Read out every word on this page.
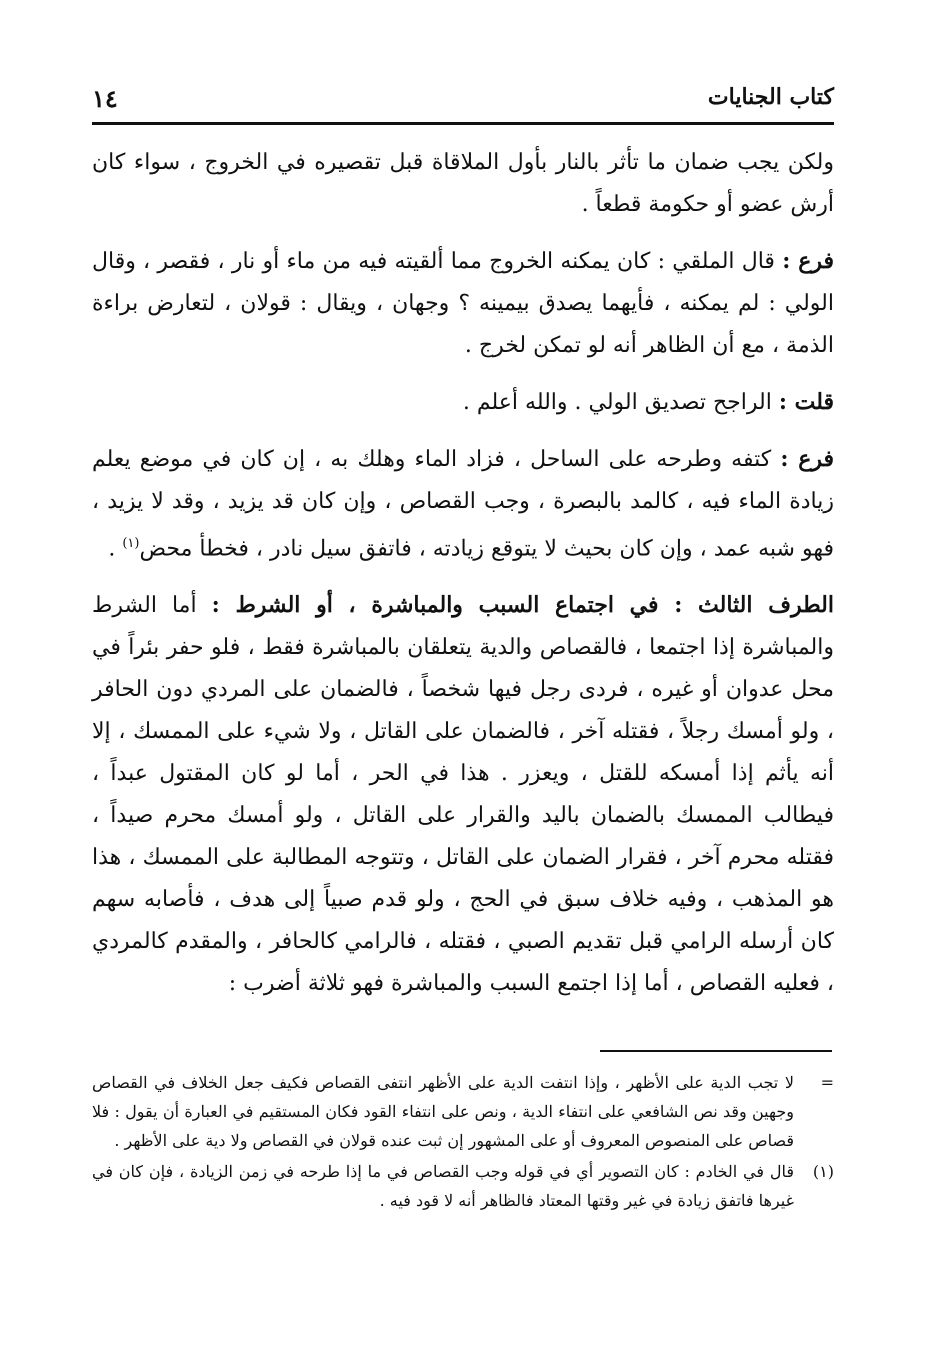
كتاب الجنايات
١٤

ولكن يجب ضمان ما تأثر بالنار بأول الملاقاة قبل تقصيره في الخروج ، سواء كان أرش عضو أو حكومة قطعاً .

فرع : قال الملقي : كان يمكنه الخروج مما ألقيته فيه من ماء أو نار ، فقصر ، وقال الولي : لم يمكنه ، فأيهما يصدق بيمينه ؟ وجهان ، ويقال : قولان ، لتعارض براءة الذمة ، مع أن الظاهر أنه لو تمكن لخرج .

قلت : الراجح تصديق الولي . والله أعلم .

فرع : كتفه وطرحه على الساحل ، فزاد الماء وهلك به ، إن كان في موضع يعلم زيادة الماء فيه ، كالمد بالبصرة ، وجب القصاص ، وإن كان قد يزيد ، وقد لا يزيد ، فهو شبه عمد ، وإن كان بحيث لا يتوقع زيادته ، فاتفق سيل نادر ، فخطأ محض$^{(١)}$ .

الطرف الثالث : في اجتماع السبب والمباشرة ، أو الشرط : أما الشرط والمباشرة إذا اجتمعا ، فالقصاص والدية يتعلقان بالمباشرة فقط ، فلو حفر بئراً في محل عدوان أو غيره ، فردى رجل فيها شخصاً ، فالضمان على المردي دون الحافر ، ولو أمسك رجلاً ، فقتله آخر ، فالضمان على القاتل ، ولا شيء على الممسك ، إلا أنه يأثم إذا أمسكه للقتل ، ويعزر . هذا في الحر ، أما لو كان المقتول عبداً ، فيطالب الممسك بالضمان باليد والقرار على القاتل ، ولو أمسك محرم صيداً ، فقتله محرم آخر ، فقرار الضمان على القاتل ، وتتوجه المطالبة على الممسك ، هذا هو المذهب ، وفيه خلاف سبق في الحج ، ولو قدم صبياً إلى هدف ، فأصابه سهم كان أرسله الرامي قبل تقديم الصبي ، فقتله ، فالرامي كالحافر ، والمقدم كالمردي ، فعليه القصاص ، أما إذا اجتمع السبب والمباشرة فهو ثلاثة أضرب :

=
لا تجب الدية على الأظهر ، وإذا انتفت الدية على الأظهر انتفى القصاص فكيف جعل الخلاف في القصاص وجهين وقد نص الشافعي على انتفاء الدية ، ونص على انتفاء القود فكان المستقيم في العبارة أن يقول : فلا قصاص على المنصوص المعروف أو على المشهور إن ثبت عنده قولان في القصاص ولا دية على الأظهر .
(١)
قال في الخادم : كان التصوير أي في قوله وجب القصاص في ما إذا طرحه في زمن الزيادة ، فإن كان في غيرها فاتفق زيادة في غير وقتها المعتاد فالظاهر أنه لا قود فيه .
